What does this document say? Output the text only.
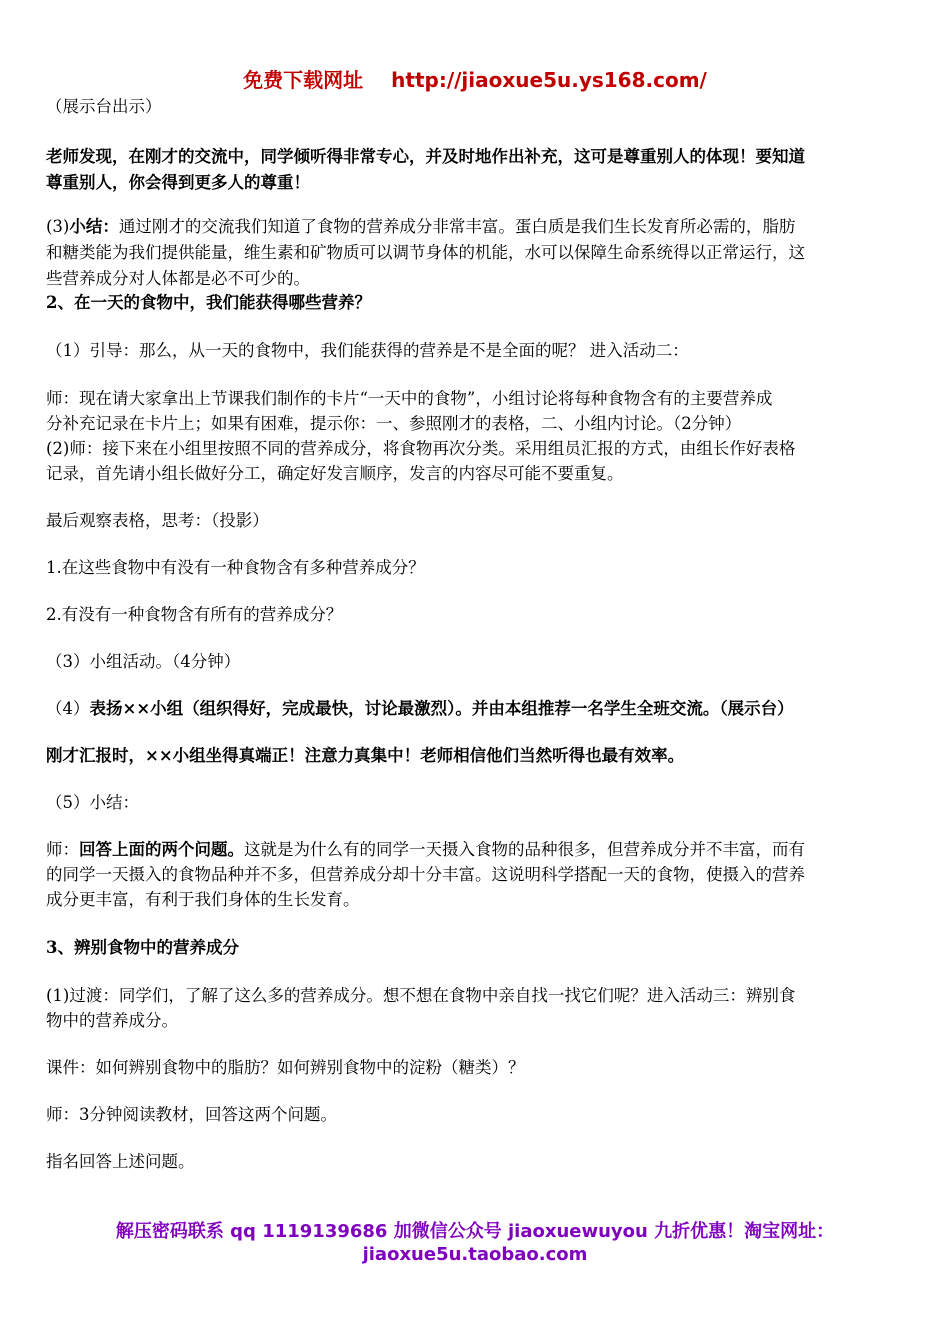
免费下载网址 http://jiaoxue5u.ys168.com/
（展示台出示）
老师发现，在刚才的交流中，同学倾听得非常专心，并及时地作出补充，这可是尊重别人的体现！要知道
尊重别人，你会得到更多人的尊重！
(3)小结：通过刚才的交流我们知道了食物的营养成分非常丰富。蛋白质是我们生长发育所必需的，脂肪
和糖类能为我们提供能量，维生素和矿物质可以调节身体的机能，水可以保障生命系统得以正常运行，这
些营养成分对人体都是必不可少的。
2、在一天的食物中，我们能获得哪些营养？
（1）引导：那么，从一天的食物中，我们能获得的营养是不是全面的呢？ 进入活动二：
师：现在请大家拿出上节课我们制作的卡片“一天中的食物”，小组讨论将每种食物含有的主要营养成
分补充记录在卡片上；如果有困难，提示你：一、参照刚才的表格，二、小组内讨论。（2分钟）
(2)师：接下来在小组里按照不同的营养成分，将食物再次分类。采用组员汇报的方式，由组长作好表格
记录，首先请小组长做好分工，确定好发言顺序，发言的内容尽可能不要重复。
最后观察表格，思考：（投影）
1.在这些食物中有没有一种食物含有多种营养成分？
2.有没有一种食物含有所有的营养成分？
（3）小组活动。（4分钟）
（4）表扬××小组（组织得好，完成最快，讨论最激烈）。并由本组推荐一名学生全班交流。（展示台）
刚才汇报时，××小组坐得真端正！注意力真集中！老师相信他们当然听得也最有效率。
（5）小结：
师：回答上面的两个问题。这就是为什么有的同学一天摄入食物的品种很多，但营养成分并不丰富，而有
的同学一天摄入的食物品种并不多，但营养成分却十分丰富。这说明科学搭配一天的食物，使摄入的营养
成分更丰富，有利于我们身体的生长发育。
3、辨别食物中的营养成分
(1)过渡：同学们，了解了这么多的营养成分。想不想在食物中亲自找一找它们呢？进入活动三：辨别食
物中的营养成分。
课件：如何辨别食物中的脂肪？如何辨别食物中的淀粉（糖类）？
师：3分钟阅读教材，回答这两个问题。
指名回答上述问题。
解压密码联系 qq 1119139686 加微信公众号 jiaoxuewuyou 九折优惠！淘宝网址：
jiaoxue5u.taobao.com
